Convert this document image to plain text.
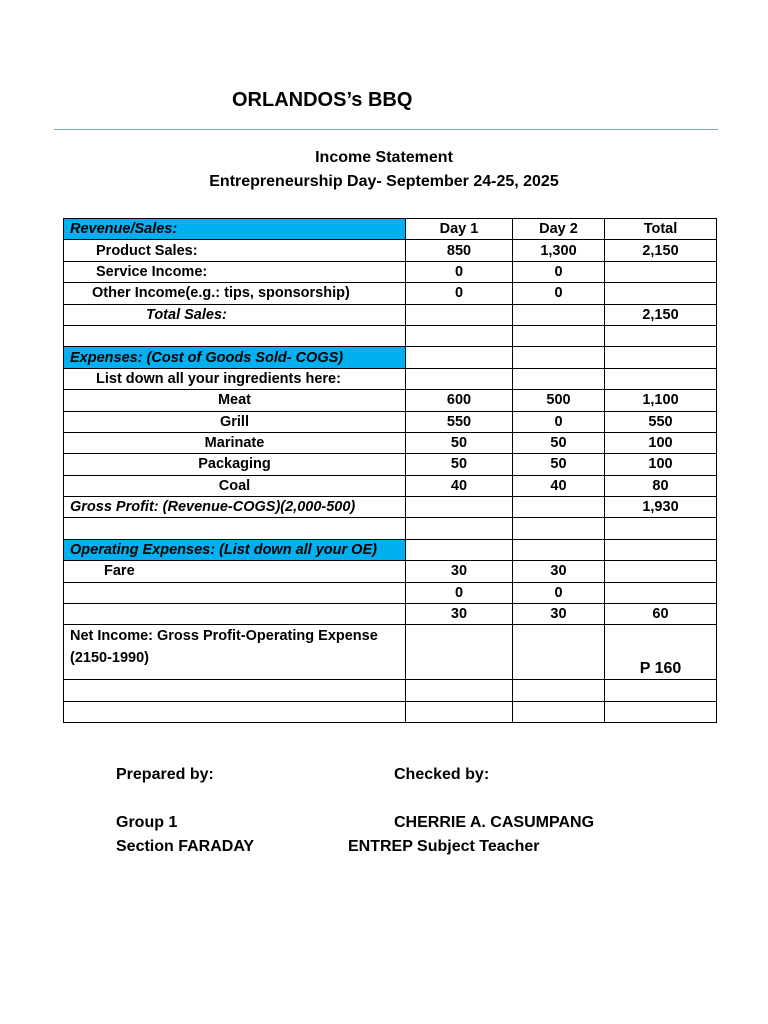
ORLANDOS’s BBQ
Income Statement
Entrepreneurship Day- September 24-25, 2025
Revenue/Sales:	Day 1	Day 2	Total
Product Sales:	850	1,300	2,150
Service Income:	0	0	
Other Income(e.g.: tips, sponsorship)	0	0	
Total Sales:			2,150

Expenses: (Cost of Goods Sold- COGS)			
List down all your ingredients here:			
Meat	600	500	1,100
Grill	550	0	550
Marinate	50	50	100
Packaging	50	50	100
Coal	40	40	80
Gross Profit: (Revenue-COGS)(2,000-500)			1,930

Operating Expenses: (List down all your OE)			
Fare	30	30	
	0	0	
	30	30	60
Net Income: Gross Profit-Operating Expense (2150-1990)			P 160

Prepared by:	Checked by:
Group 1	CHERRIE A. CASUMPANG
Section FARADAY	ENTREP Subject Teacher
